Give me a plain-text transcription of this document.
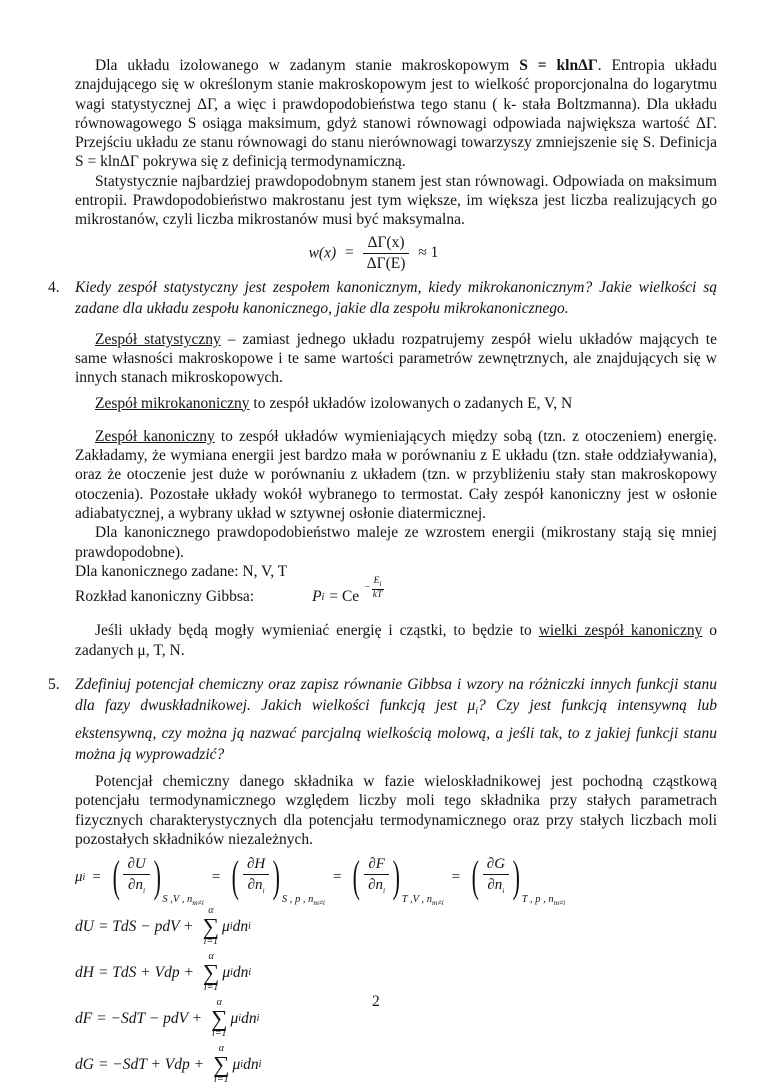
Dla układu izolowanego w zadanym stanie makroskopowym S = klnΔΓ. Entropia układu znajdującego się w określonym stanie makroskopowym jest to wielkość proporcjonalna do logarytmu wagi statystycznej ΔΓ, a więc i prawdopodobieństwa tego stanu ( k- stała Boltzmanna). Dla układu równowagowego S osiąga maksimum, gdyż stanowi równowagi odpowiada największa wartość ΔΓ. Przejściu układu ze stanu równowagi do stanu nierównowagi towarzyszy zmniejszenie się S. Definicja S = klnΔΓ pokrywa się z definicją termodynamiczną.

Statystycznie najbardziej prawdopodobnym stanem jest stan równowagi. Odpowiada on maksimum entropii. Prawdopodobieństwo makrostanu jest tym większe, im większa jest liczba realizujących go mikrostanów, czyli liczba mikrostanów musi być maksymalna.

$w(x) = \frac{\Delta\Gamma(x)}{\Delta\Gamma(E)} \approx 1$
4. Kiedy zespół statystyczny jest zespołem kanonicznym, kiedy mikrokanonicznym? Jakie wielkości są zadane dla układu zespołu kanonicznego, jakie dla zespołu mikrokanonicznego.

Zespół statystyczny – zamiast jednego układu rozpatrujemy zespół wielu układów mających te same własności makroskopowe i te same wartości parametrów zewnętrznych, ale znajdujących się w innych stanach mikroskopowych.

Zespół mikrokanoniczny to zespół układów izolowanych o zadanych E, V, N

Zespół kanoniczny to zespół układów wymieniających między sobą (tzn. z otoczeniem) energię. Zakładamy, że wymiana energii jest bardzo mała w porównaniu z E układu (tzn. stałe oddziaływania), oraz że otoczenie jest duże w porównaniu z układem (tzn. w przybliżeniu stały stan makroskopowy otoczenia). Pozostałe układy wokół wybranego to termostat. Cały zespół kanoniczny jest w osłonie adiabatycznej, a wybrany układ w sztywnej osłonie diatermicznej.

Dla kanonicznego prawdopodobieństwo maleje ze wzrostem energii (mikrostany stają się mniej prawdopodobne).

Dla kanonicznego zadane: N, V, T

Rozkład kanoniczny Gibbsa:	P $i = Ce - \frac{E_i}{kT}$

Jeśli układy będą mogły wymieniać energię i cząstki, to będzie to wielki zespół kanoniczny o zadanych μ, T, N.

5. Zdefiniuj potencjał chemiczny oraz zapisz równanie Gibbsa i wzory na różniczki innych funkcji stanu dla fazy dwuskładnikowej. Jakich wielkości funkcją jest $\mu_i$? Czy jest funkcją intensywną lub ekstensywną, czy można ją nazwać parcjalną wielkością molową, a jeśli tak, to z jakiej funkcji stanu można ją wyprowadzić?

Potencjał chemiczny danego składnika w fazie wieloskładnikowej jest pochodną cząstkową potencjału termodynamicznego względem liczby moli tego składnika przy stałych parametrach fizycznych charakterystycznych dla potencjału termodynamicznego oraz przy stałych liczbach moli pozostałych składników niezależnych.

μ i = ( $\frac{\partial U}{\partial n_i}$ ) S ,V , $n_{m\ne i}$
= ( $\frac{\partial H}{\partial n_i}$ ) S , p , $n_{m\ne i}$
= ( $\frac{\partial F}{\partial n_i}$ ) T ,V , $n_{m\ne i}$
= ( $\frac{\partial G}{\partial n_i}$ ) T , p , $n_{m\ne i}$
dU = TdS − pdV +
α
∑
i=1
μ i dn i
dH = TdS + Vdp +
α
∑
i=1
μ i dn i
dF = −SdT − pdV +
α
∑
i=1
μ i dn i
dG = −SdT + Vdp +
α
∑
i=1
μ i dn i
2
